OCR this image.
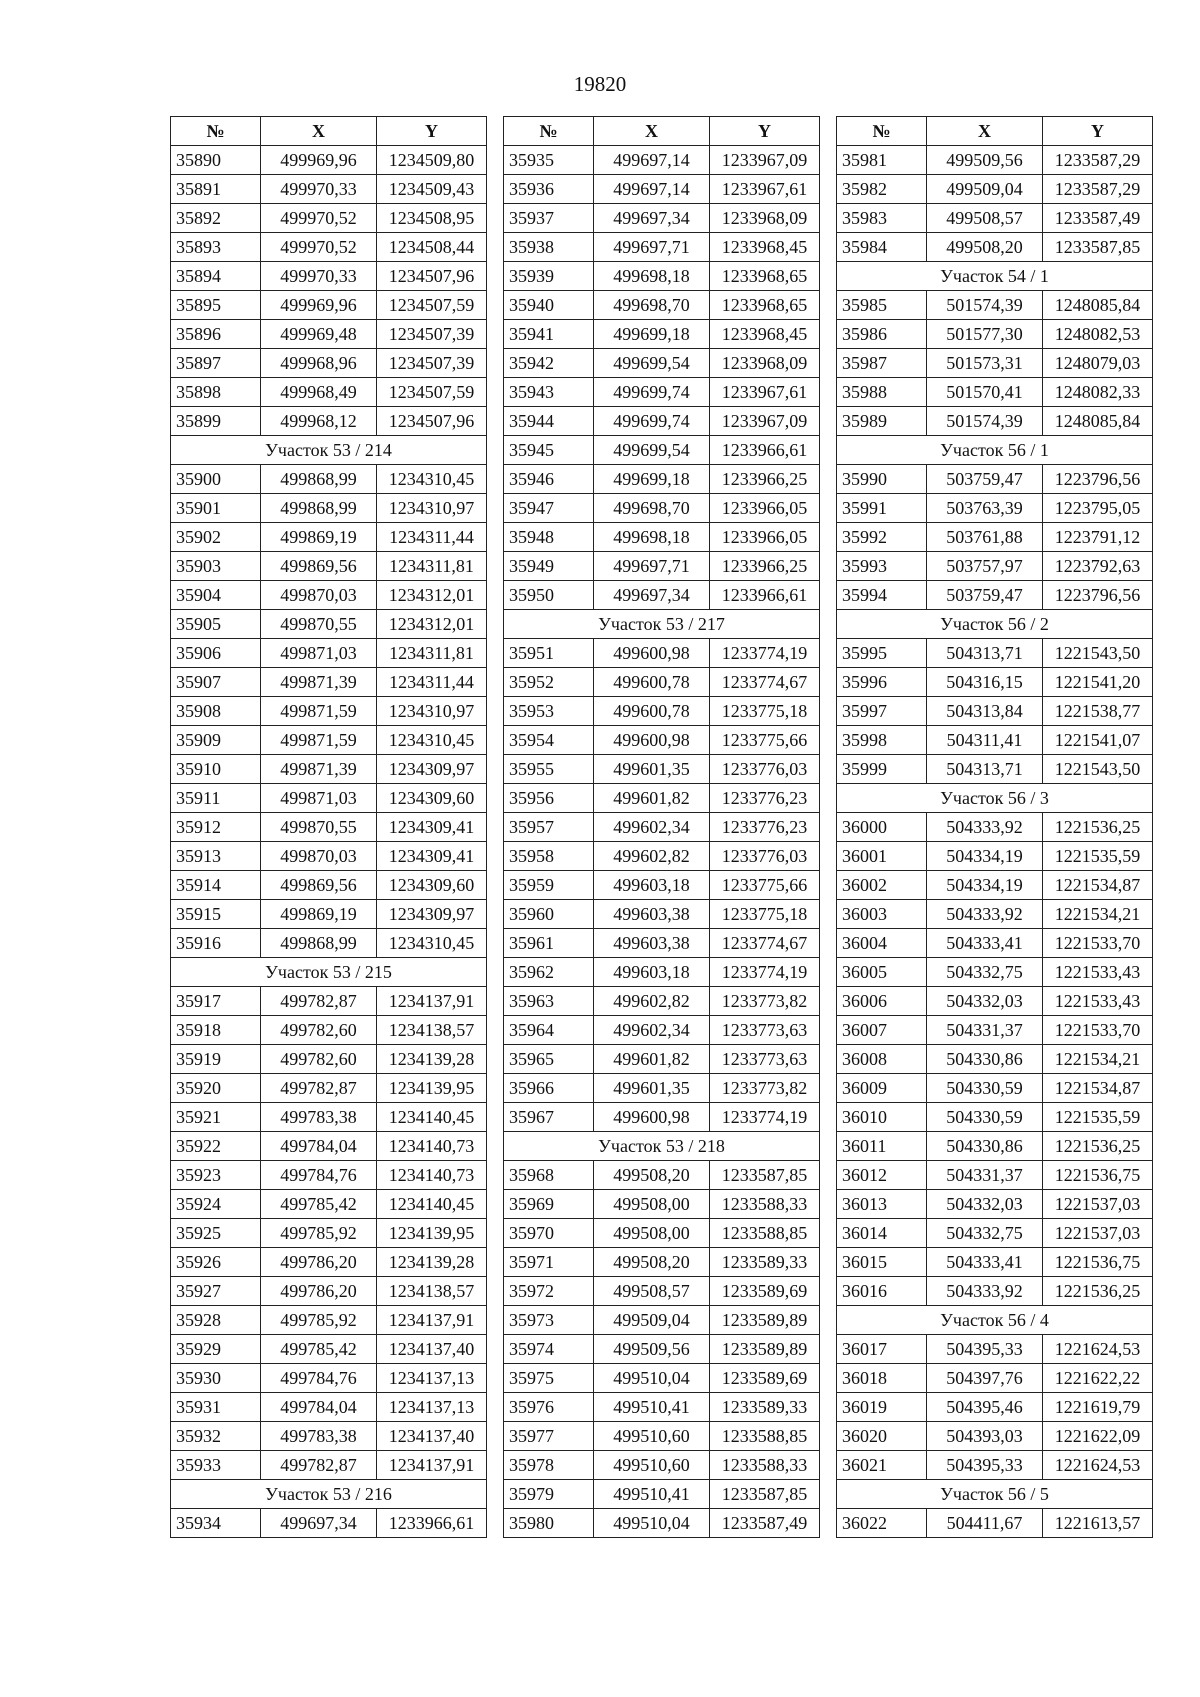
19820
№	X	Y
35890	499969,96	1234509,80
35891	499970,33	1234509,43
35892	499970,52	1234508,95
35893	499970,52	1234508,44
35894	499970,33	1234507,96
35895	499969,96	1234507,59
35896	499969,48	1234507,39
35897	499968,96	1234507,39
35898	499968,49	1234507,59
35899	499968,12	1234507,96
Участок 53 / 214		
35900	499868,99	1234310,45
35901	499868,99	1234310,97
35902	499869,19	1234311,44
35903	499869,56	1234311,81
35904	499870,03	1234312,01
35905	499870,55	1234312,01
35906	499871,03	1234311,81
35907	499871,39	1234311,44
35908	499871,59	1234310,97
35909	499871,59	1234310,45
35910	499871,39	1234309,97
35911	499871,03	1234309,60
35912	499870,55	1234309,41
35913	499870,03	1234309,41
35914	499869,56	1234309,60
35915	499869,19	1234309,97
35916	499868,99	1234310,45
Участок 53 / 215		
35917	499782,87	1234137,91
35918	499782,60	1234138,57
35919	499782,60	1234139,28
35920	499782,87	1234139,95
35921	499783,38	1234140,45
35922	499784,04	1234140,73
35923	499784,76	1234140,73
35924	499785,42	1234140,45
35925	499785,92	1234139,95
35926	499786,20	1234139,28
35927	499786,20	1234138,57
35928	499785,92	1234137,91
35929	499785,42	1234137,40
35930	499784,76	1234137,13
35931	499784,04	1234137,13
35932	499783,38	1234137,40
35933	499782,87	1234137,91
Участок 53 / 216		
35934	499697,34	1233966,61
№	X	Y
35935	499697,14	1233967,09
35936	499697,14	1233967,61
35937	499697,34	1233968,09
35938	499697,71	1233968,45
35939	499698,18	1233968,65
35940	499698,70	1233968,65
35941	499699,18	1233968,45
35942	499699,54	1233968,09
35943	499699,74	1233967,61
35944	499699,74	1233967,09
35945	499699,54	1233966,61
35946	499699,18	1233966,25
35947	499698,70	1233966,05
35948	499698,18	1233966,05
35949	499697,71	1233966,25
35950	499697,34	1233966,61
Участок 53 / 217		
35951	499600,98	1233774,19
35952	499600,78	1233774,67
35953	499600,78	1233775,18
35954	499600,98	1233775,66
35955	499601,35	1233776,03
35956	499601,82	1233776,23
35957	499602,34	1233776,23
35958	499602,82	1233776,03
35959	499603,18	1233775,66
35960	499603,38	1233775,18
35961	499603,38	1233774,67
35962	499603,18	1233774,19
35963	499602,82	1233773,82
35964	499602,34	1233773,63
35965	499601,82	1233773,63
35966	499601,35	1233773,82
35967	499600,98	1233774,19
Участок 53 / 218		
35968	499508,20	1233587,85
35969	499508,00	1233588,33
35970	499508,00	1233588,85
35971	499508,20	1233589,33
35972	499508,57	1233589,69
35973	499509,04	1233589,89
35974	499509,56	1233589,89
35975	499510,04	1233589,69
35976	499510,41	1233589,33
35977	499510,60	1233588,85
35978	499510,60	1233588,33
35979	499510,41	1233587,85
35980	499510,04	1233587,49
№	X	Y
35981	499509,56	1233587,29
35982	499509,04	1233587,29
35983	499508,57	1233587,49
35984	499508,20	1233587,85
Участок 54 / 1		
35985	501574,39	1248085,84
35986	501577,30	1248082,53
35987	501573,31	1248079,03
35988	501570,41	1248082,33
35989	501574,39	1248085,84
Участок 56 / 1		
35990	503759,47	1223796,56
35991	503763,39	1223795,05
35992	503761,88	1223791,12
35993	503757,97	1223792,63
35994	503759,47	1223796,56
Участок 56 / 2		
35995	504313,71	1221543,50
35996	504316,15	1221541,20
35997	504313,84	1221538,77
35998	504311,41	1221541,07
35999	504313,71	1221543,50
Участок 56 / 3		
36000	504333,92	1221536,25
36001	504334,19	1221535,59
36002	504334,19	1221534,87
36003	504333,92	1221534,21
36004	504333,41	1221533,70
36005	504332,75	1221533,43
36006	504332,03	1221533,43
36007	504331,37	1221533,70
36008	504330,86	1221534,21
36009	504330,59	1221534,87
36010	504330,59	1221535,59
36011	504330,86	1221536,25
36012	504331,37	1221536,75
36013	504332,03	1221537,03
36014	504332,75	1221537,03
36015	504333,41	1221536,75
36016	504333,92	1221536,25
Участок 56 / 4		
36017	504395,33	1221624,53
36018	504397,76	1221622,22
36019	504395,46	1221619,79
36020	504393,03	1221622,09
36021	504395,33	1221624,53
Участок 56 / 5		
36022	504411,67	1221613,57
